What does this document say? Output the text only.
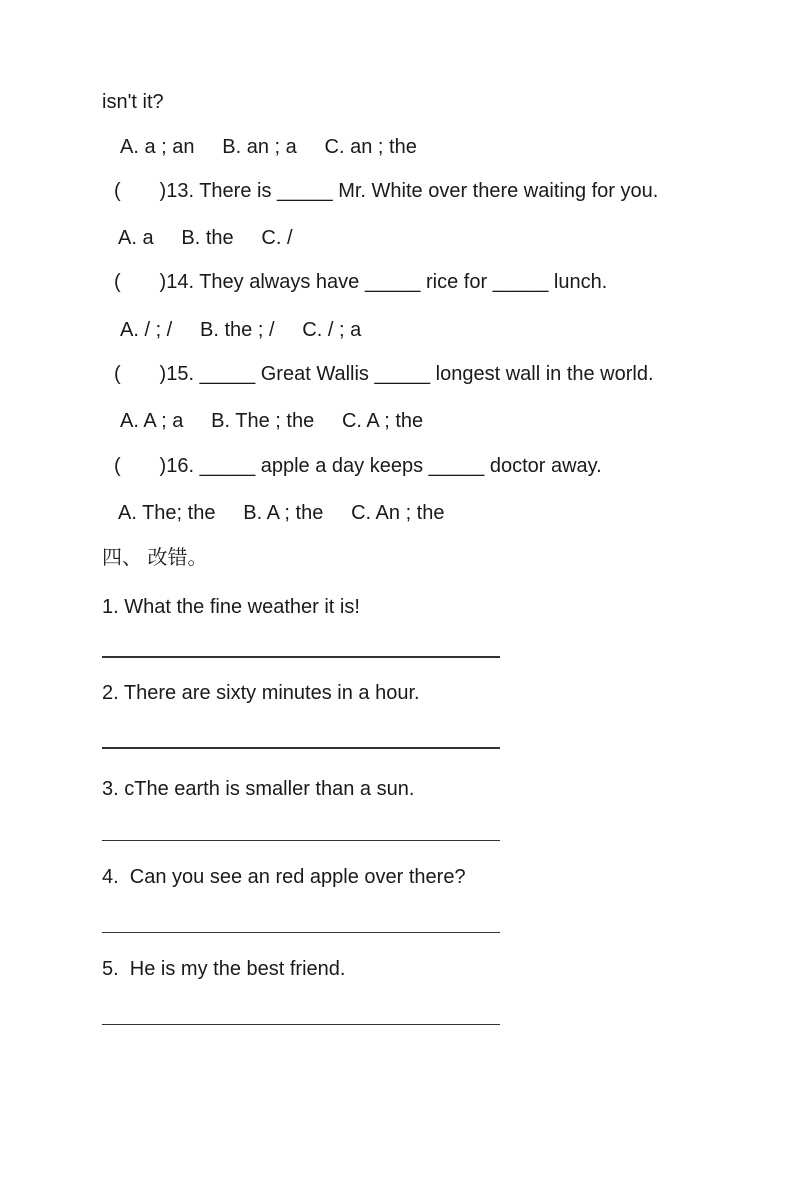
isn't it?
A. a ; an     B. an ; a     C. an ; the
(       )13. There is _____ Mr. White over there waiting for you.
A. a     B. the     C. /
(       )14. They always have _____ rice for _____ lunch.
A. / ; /     B. the ; /     C. / ; a
(       )15. _____ Great Wallis _____ longest wall in the world.
A. A ; a     B. The ; the     C. A ; the
(       )16. _____ apple a day keeps _____ doctor away.
A. The; the     B. A ; the     C. An ; the
四、 改错。
1. What the fine weather it is!
2. There are sixty minutes in a hour.
3. cThe earth is smaller than a sun.
4.  Can you see an red apple over there?
5.  He is my the best friend.
